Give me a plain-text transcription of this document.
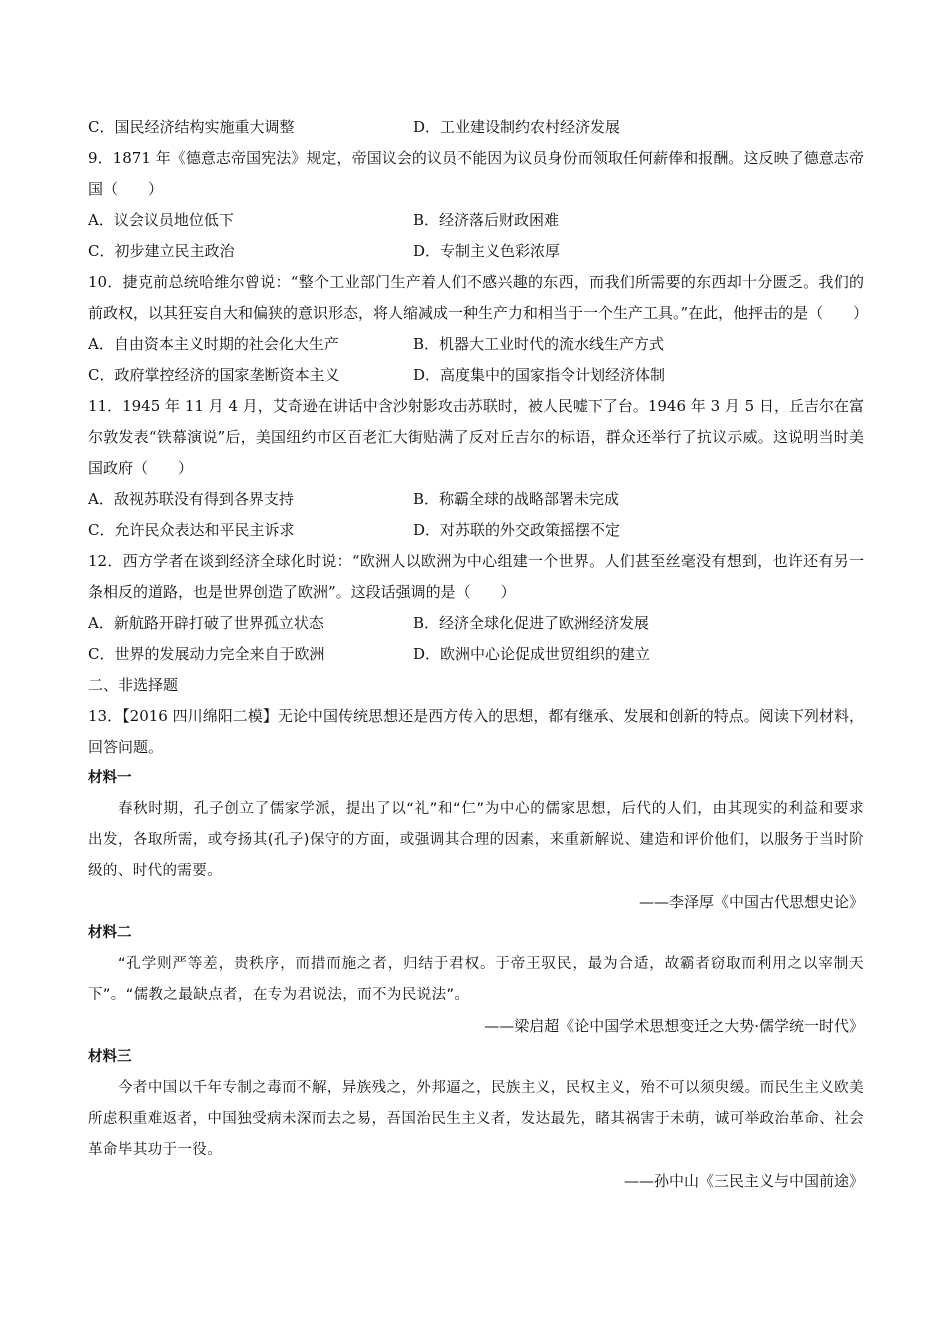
C．国民经济结构实施重大调整	D．工业建设制约农村经济发展
9．1871 年《德意志帝国宪法》规定，帝国议会的议员不能因为议员身份而领取任何薪俸和报酬。这反映了德意志帝国（　　）
A．议会议员地位低下	B．经济落后财政困难
C．初步建立民主政治	D．专制主义色彩浓厚
10．捷克前总统哈维尔曾说：“整个工业部门生产着人们不感兴趣的东西，而我们所需要的东西却十分匮乏。我们的前政权，以其狂妄自大和偏狭的意识形态，将人缩减成一种生产力和相当于一个生产工具。”在此，他抨击的是（　　）
A．自由资本主义时期的社会化大生产	B．机器大工业时代的流水线生产方式
C．政府掌控经济的国家垄断资本主义	D．高度集中的国家指令计划经济体制
11．1945 年 11 月 4 月，艾奇逊在讲话中含沙射影攻击苏联时，被人民嘘下了台。1946 年 3 月 5 日，丘吉尔在富尔敦发表“铁幕演说”后，美国纽约市区百老汇大街贴满了反对丘吉尔的标语，群众还举行了抗议示威。这说明当时美国政府（　　）
A．敌视苏联没有得到各界支持	B．称霸全球的战略部署未完成
C．允许民众表达和平民主诉求	D．对苏联的外交政策摇摆不定
12．西方学者在谈到经济全球化时说：“欧洲人以欧洲为中心组建一个世界。人们甚至丝毫没有想到，也许还有另一条相反的道路，也是世界创造了欧洲”。这段话强调的是（　　）
A．新航路开辟打破了世界孤立状态	B．经济全球化促进了欧洲经济发展
C．世界的发展动力完全来自于欧洲	D．欧洲中心论促成世贸组织的建立
二、非选择题
13．【2016 四川绵阳二模】无论中国传统思想还是西方传入的思想，都有继承、发展和创新的特点。阅读下列材料，回答问题。
材料一
春秋时期，孔子创立了儒家学派，提出了以“礼”和“仁”为中心的儒家思想，后代的人们，由其现实的利益和要求出发，各取所需，或夸扬其(孔子)保守的方面，或强调其合理的因素，来重新解说、建造和评价他们，以服务于当时阶级的、时代的需要。
——李泽厚《中国古代思想史论》
材料二
“孔学则严等差，贵秩序，而措而施之者，归结于君权。于帝王驭民，最为合适，故霸者窃取而利用之以宰制天下”。“儒教之最缺点者，在专为君说法，而不为民说法”。
——梁启超《论中国学术思想变迁之大势·儒学统一时代》
材料三
今者中国以千年专制之毒而不解，异族残之，外邦逼之，民族主义，民权主义，殆不可以须臾缓。而民生主义欧美所虑积重难返者，中国独受病未深而去之易，吾国治民生主义者，发达最先，睹其祸害于未萌，诚可举政治革命、社会革命毕其功于一役。
——孙中山《三民主义与中国前途》
